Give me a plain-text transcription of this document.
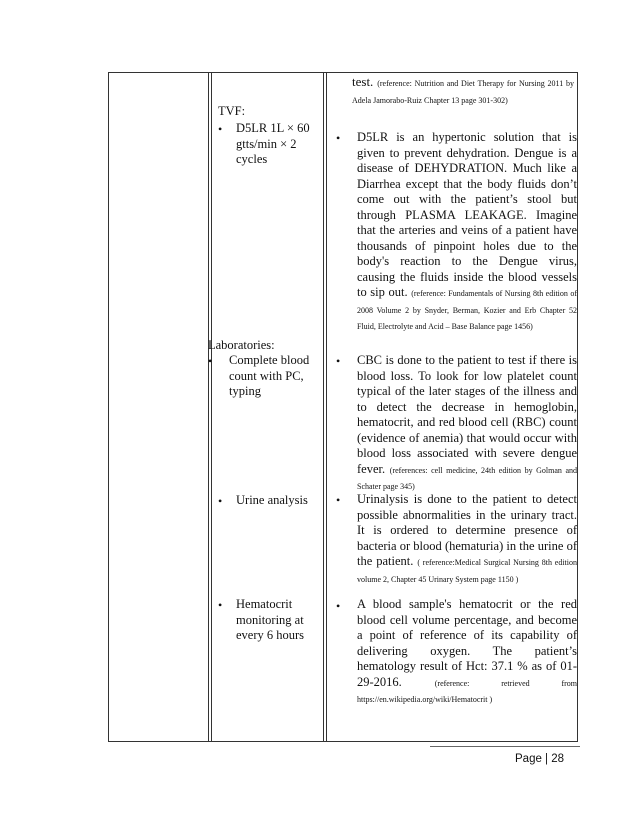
test. (reference: Nutrition and Diet Therapy for Nursing 2011 by Adela Jamorabo-Ruiz Chapter 13 page 301-302)
TVF:
• D5LR 1L × 60 gtts/min × 2 cycles
• D5LR is an hypertonic solution that is given to prevent dehydration. Dengue is a disease of DEHYDRATION. Much like a Diarrhea except that the body fluids don’t come out with the patient’s stool but through PLASMA LEAKAGE. Imagine that the arteries and veins of a patient have thousands of pinpoint holes due to the body's reaction to the Dengue virus, causing the fluids inside the blood vessels to sip out. (reference: Fundamentals of Nursing 8th edition of 2008 Volume 2 by Snyder, Berman, Kozier and Erb Chapter 52 Fluid, Electrolyte and Acid – Base Balance page 1456)
Laboratories:
• Complete blood count with PC, typing
• CBC is done to the patient to test if there is blood loss. To look for low platelet count typical of the later stages of the illness and to detect the decrease in hemoglobin, hematocrit, and red blood cell (RBC) count (evidence of anemia) that would occur with blood loss associated with severe dengue fever. (references: cell medicine, 24th edition by Golman and Schater page 345)
• Urine analysis	• Urinalysis is done to the patient to detect possible abnormalities in the urinary tract. It is ordered to determine presence of bacteria or blood (hematuria) in the urine of the patient. ( reference:Medical Surgical Nursing 8th edition volume 2, Chapter 45 Urinary System page 1150 )
• Hematocrit monitoring at every 6 hours
• A blood sample's hematocrit or the red blood cell volume percentage, and become a point of reference of its capability of delivering oxygen. The patient’s hematology result of Hct: 37.1 % as of 01-29-2016.	(reference: retrieved from https://en.wikipedia.org/wiki/Hematocrit )
Page | 28
